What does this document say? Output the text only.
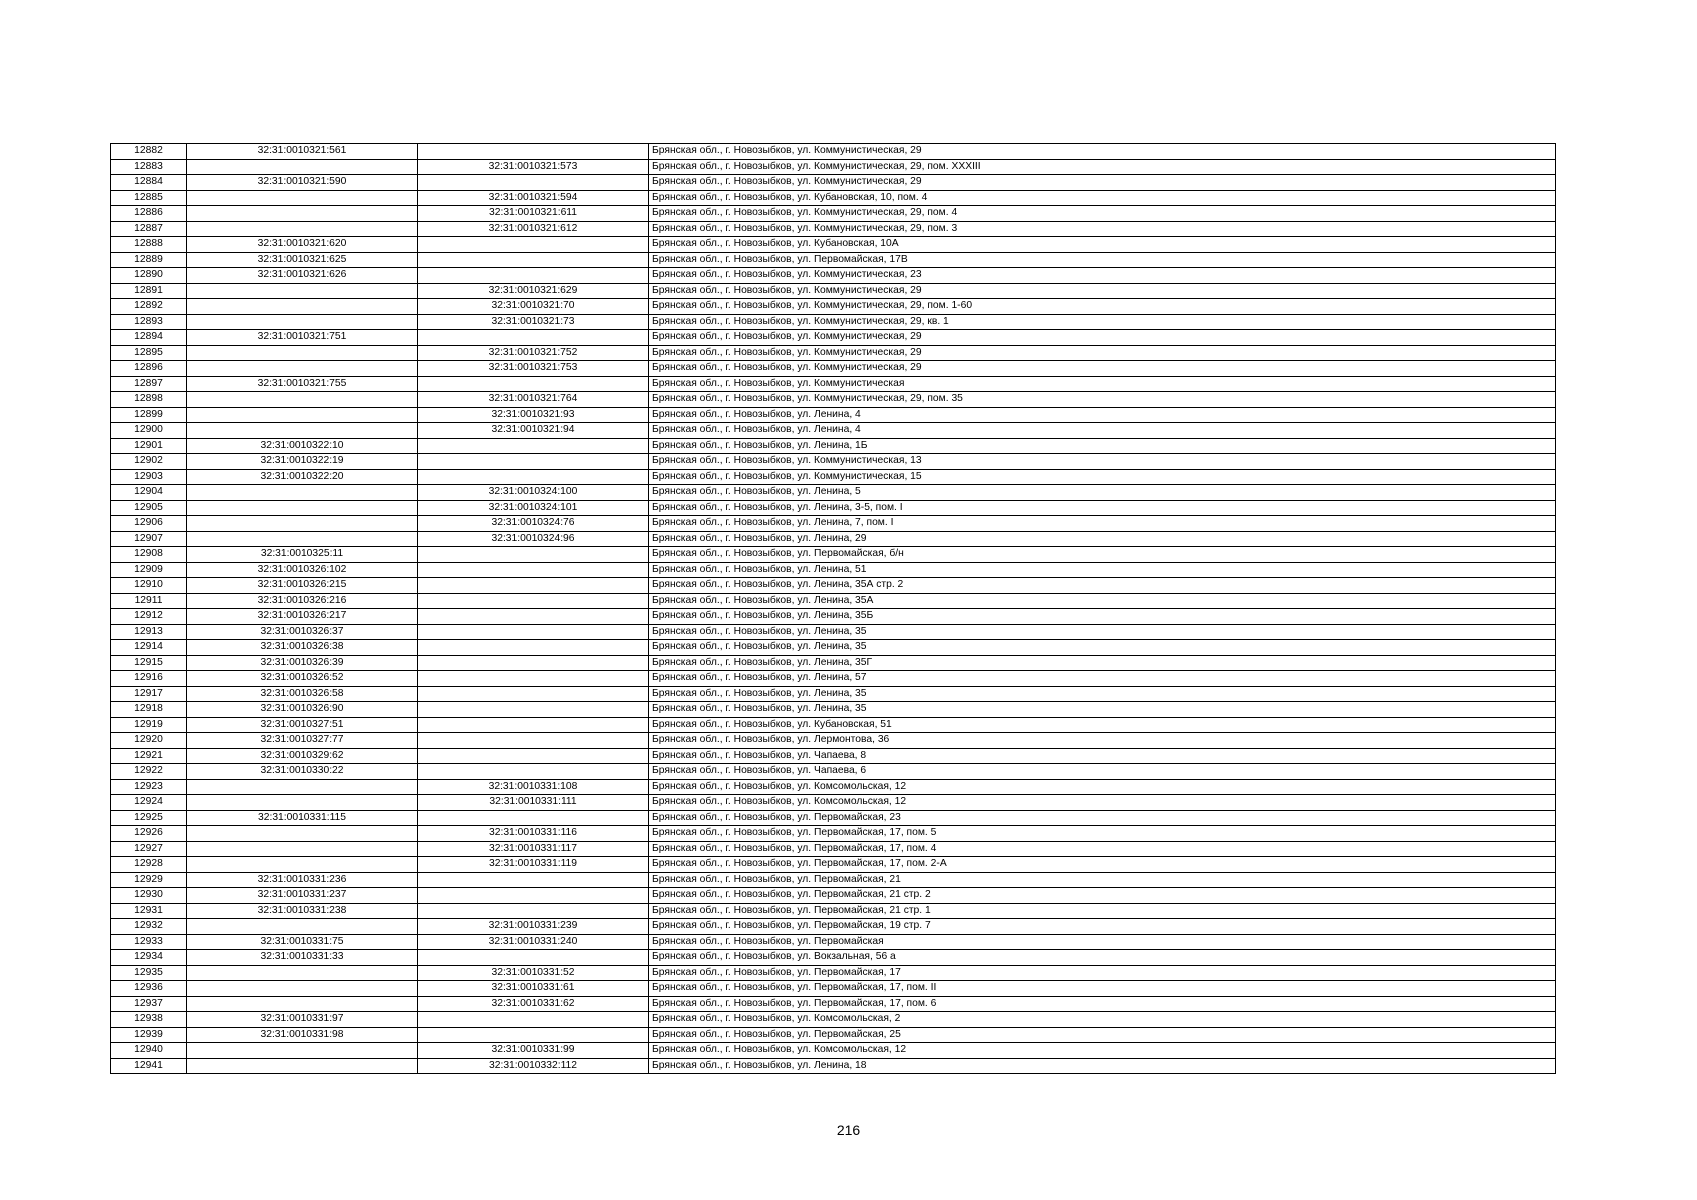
12882	32:31:0010321:561		Брянская обл., г. Новозыбков, ул. Коммунистическая, 29
12883		32:31:0010321:573	Брянская обл., г. Новозыбков, ул. Коммунистическая, 29, пом. XXXIII
12884	32:31:0010321:590		Брянская обл., г. Новозыбков, ул. Коммунистическая, 29
12885		32:31:0010321:594	Брянская обл., г. Новозыбков, ул. Кубановская, 10, пом. 4
12886		32:31:0010321:611	Брянская обл., г. Новозыбков, ул. Коммунистическая, 29, пом. 4
12887		32:31:0010321:612	Брянская обл., г. Новозыбков, ул. Коммунистическая, 29, пом. 3
12888	32:31:0010321:620		Брянская обл., г. Новозыбков, ул. Кубановская, 10А
12889	32:31:0010321:625		Брянская обл., г. Новозыбков, ул. Первомайская, 17В
12890	32:31:0010321:626		Брянская обл., г. Новозыбков, ул. Коммунистическая, 23
12891		32:31:0010321:629	Брянская обл., г. Новозыбков, ул. Коммунистическая, 29
12892		32:31:0010321:70	Брянская обл., г. Новозыбков, ул. Коммунистическая, 29, пом. 1-60
12893		32:31:0010321:73	Брянская обл., г. Новозыбков, ул. Коммунистическая, 29, кв. 1
12894	32:31:0010321:751		Брянская обл., г. Новозыбков, ул. Коммунистическая, 29
12895		32:31:0010321:752	Брянская обл., г. Новозыбков, ул. Коммунистическая, 29
12896		32:31:0010321:753	Брянская обл., г. Новозыбков, ул. Коммунистическая, 29
12897	32:31:0010321:755		Брянская обл., г. Новозыбков, ул. Коммунистическая
12898		32:31:0010321:764	Брянская обл., г. Новозыбков, ул. Коммунистическая, 29, пом. 35
12899		32:31:0010321:93	Брянская обл., г. Новозыбков, ул. Ленина, 4
12900		32:31:0010321:94	Брянская обл., г. Новозыбков, ул. Ленина, 4
12901	32:31:0010322:10		Брянская обл., г. Новозыбков, ул. Ленина, 1Б
12902	32:31:0010322:19		Брянская обл., г. Новозыбков, ул. Коммунистическая, 13
12903	32:31:0010322:20		Брянская обл., г. Новозыбков, ул. Коммунистическая, 15
12904		32:31:0010324:100	Брянская обл., г. Новозыбков, ул. Ленина, 5
12905		32:31:0010324:101	Брянская обл., г. Новозыбков, ул. Ленина, 3-5, пом. I
12906		32:31:0010324:76	Брянская обл., г. Новозыбков, ул. Ленина, 7, пом. I
12907		32:31:0010324:96	Брянская обл., г. Новозыбков, ул. Ленина, 29
12908	32:31:0010325:11		Брянская обл., г. Новозыбков, ул. Первомайская, б/н
12909	32:31:0010326:102		Брянская обл., г. Новозыбков, ул. Ленина, 51
12910	32:31:0010326:215		Брянская обл., г. Новозыбков, ул. Ленина, 35А стр. 2
12911	32:31:0010326:216		Брянская обл., г. Новозыбков, ул. Ленина, 35А
12912	32:31:0010326:217		Брянская обл., г. Новозыбков, ул. Ленина, 35Б
12913	32:31:0010326:37		Брянская обл., г. Новозыбков, ул. Ленина, 35
12914	32:31:0010326:38		Брянская обл., г. Новозыбков, ул. Ленина, 35
12915	32:31:0010326:39		Брянская обл., г. Новозыбков, ул. Ленина, 35Г
12916	32:31:0010326:52		Брянская обл., г. Новозыбков, ул. Ленина, 57
12917	32:31:0010326:58		Брянская обл., г. Новозыбков, ул. Ленина, 35
12918	32:31:0010326:90		Брянская обл., г. Новозыбков, ул. Ленина, 35
12919	32:31:0010327:51		Брянская обл., г. Новозыбков, ул. Кубановская, 51
12920	32:31:0010327:77		Брянская обл., г. Новозыбков, ул. Лермонтова, 36
12921	32:31:0010329:62		Брянская обл., г. Новозыбков, ул. Чапаева, 8
12922	32:31:0010330:22		Брянская обл., г. Новозыбков, ул. Чапаева, 6
12923		32:31:0010331:108	Брянская обл., г. Новозыбков, ул. Комсомольская, 12
12924		32:31:0010331:111	Брянская обл., г. Новозыбков, ул. Комсомольская, 12
12925	32:31:0010331:115		Брянская обл., г. Новозыбков, ул. Первомайская, 23
12926		32:31:0010331:116	Брянская обл., г. Новозыбков, ул. Первомайская, 17, пом. 5
12927		32:31:0010331:117	Брянская обл., г. Новозыбков, ул. Первомайская, 17, пом. 4
12928		32:31:0010331:119	Брянская обл., г. Новозыбков, ул. Первомайская, 17, пом. 2-А
12929	32:31:0010331:236		Брянская обл., г. Новозыбков, ул. Первомайская, 21
12930	32:31:0010331:237		Брянская обл., г. Новозыбков, ул. Первомайская, 21 стр. 2
12931	32:31:0010331:238		Брянская обл., г. Новозыбков, ул. Первомайская, 21 стр. 1
12932		32:31:0010331:239	Брянская обл., г. Новозыбков, ул. Первомайская, 19 стр. 7
12933	32:31:0010331:75	32:31:0010331:240	Брянская обл., г. Новозыбков, ул. Первомайская
12934	32:31:0010331:33		Брянская обл., г. Новозыбков, ул. Вокзальная, 56 а
12935		32:31:0010331:52	Брянская обл., г. Новозыбков, ул. Первомайская, 17
12936		32:31:0010331:61	Брянская обл., г. Новозыбков, ул. Первомайская, 17, пом. II
12937		32:31:0010331:62	Брянская обл., г. Новозыбков, ул. Первомайская, 17, пом. 6
12938	32:31:0010331:97		Брянская обл., г. Новозыбков, ул. Комсомольская, 2
12939	32:31:0010331:98		Брянская обл., г. Новозыбков, ул. Первомайская, 25
12940		32:31:0010331:99	Брянская обл., г. Новозыбков, ул. Комсомольская, 12
12941		32:31:0010332:112	Брянская обл., г. Новозыбков, ул. Ленина, 18
216
